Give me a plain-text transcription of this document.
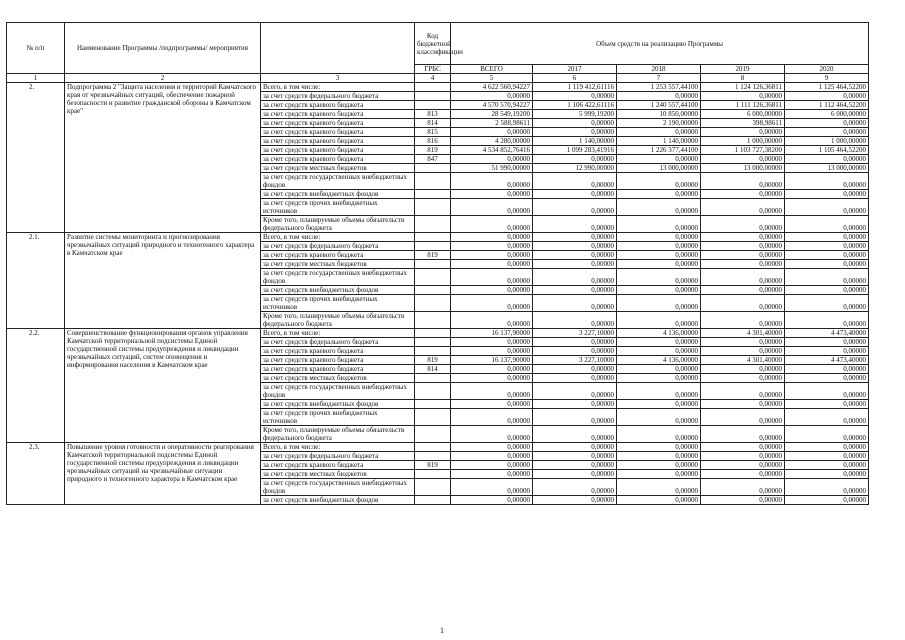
№ п/п	Наименование Программы /подпрограммы/ мероприятия		Код бюджетной классификации	Объем средств на реализацию Программы				
			ГРБС	ВСЕГО	2017	2018	2019	2020
1	2	3	4	5	6	7	8	9
2.	Подпрограмма 2 "Защита населения и территорий Камчатского края от чрезвычайных ситуаций, обеспечение пожарной безопасности и развитие гражданской обороны в Камчатском крае"	Всего, в том числе:		4 622 560,94227	1 119 412,61116	1 253 557,44100	1 124 126,36811	1 125 464,52200
		за счет средств федерального бюджета		0,00000	0,00000	0,00000	0,00000	0,00000
		за счет средств краевого бюджета		4 570 570,94227	1 106 422,61116	1 240 557,44100	1 111 126,36811	1 112 464,52200
		за счет средств краевого бюджета	813	28 549,19200	5 999,19200	10 850,00000	6 000,00000	6 000,00000
		за счет средств краевого бюджета	814	2 588,98611	0,00000	2 190,00000	398,98611	0,00000
		за счет средств краевого бюджета	815	0,00000	0,00000	0,00000	0,00000	0,00000
		за счет средств краевого бюджета	816	4 280,00000	1 140,00000	1 140,00000	1 000,00000	1 000,00000
		за счет средств краевого бюджета	819	4 534 852,76416	1 099 283,41916	1 226 377,44100	1 103 727,38200	1 105 464,52200
		за счет средств краевого бюджета	847	0,00000	0,00000	0,00000	0,00000	0,00000
		за счет средств местных бюджетов		51 990,00000	12 990,00000	13 000,00000	13 000,00000	13 000,00000
		за счет средств государственных внебюджетных фондов		0,00000	0,00000	0,00000	0,00000	0,00000
		за счет средств внебюджетных фондов		0,00000	0,00000	0,00000	0,00000	0,00000
		за счет средств прочих внебюджетных источников		0,00000	0,00000	0,00000	0,00000	0,00000
		Кроме того, планируемые объемы обязательств федерального бюджета		0,00000	0,00000	0,00000	0,00000	0,00000
2.1.	Развитие системы мониторинга и прогнозирования чрезвычайных ситуаций природного и техногенного характера в Камчатском крае	Всего, в том числе:		0,00000	0,00000	0,00000	0,00000	0,00000
		за счет средств федерального бюджета		0,00000	0,00000	0,00000	0,00000	0,00000
		за счет средств краевого бюджета	819	0,00000	0,00000	0,00000	0,00000	0,00000
		за счет средств местных бюджетов		0,00000	0,00000	0,00000	0,00000	0,00000
		за счет средств государственных внебюджетных фондов		0,00000	0,00000	0,00000	0,00000	0,00000
		за счет средств внебюджетных фондов		0,00000	0,00000	0,00000	0,00000	0,00000
		за счет средств прочих внебюджетных источников		0,00000	0,00000	0,00000	0,00000	0,00000
		Кроме того, планируемые объемы обязательств федерального бюджета		0,00000	0,00000	0,00000	0,00000	0,00000
2.2.	Совершенствование функционирования органов управления Камчатской территориальной подсистемы Единой государственной системы предупреждения и ликвидации чрезвычайных ситуаций, систем оповещения и информирования населения в Камчатском крае	Всего, в том числе:		16 137,90000	3 227,10000	4 136,00000	4 301,40000	4 473,40000
		за счет средств федерального бюджета		0,00000	0,00000	0,00000	0,00000	0,00000
		за счет средств краевого бюджета		0,00000	0,00000	0,00000	0,00000	0,00000
		за счет средств краевого бюджета	819	16 137,90000	3 227,10000	4 136,00000	4 301,40000	4 473,40000
		за счет средств краевого бюджета	814	0,00000	0,00000	0,00000	0,00000	0,00000
		за счет средств местных бюджетов		0,00000	0,00000	0,00000	0,00000	0,00000
		за счет средств государственных внебюджетных фондов		0,00000	0,00000	0,00000	0,00000	0,00000
		за счет средств внебюджетных фондов		0,00000	0,00000	0,00000	0,00000	0,00000
		за счет средств прочих внебюджетных источников		0,00000	0,00000	0,00000	0,00000	0,00000
		Кроме того, планируемые объемы обязательств федерального бюджета		0,00000	0,00000	0,00000	0,00000	0,00000
2.3.	Повышение уровня готовности и оперативности реагирования Камчатской территориальной подсистемы Единой государственной системы предупреждения и ликвидации чрезвычайных ситуаций на чрезвычайные ситуации природного и техногенного характера в Камчатском крае	Всего, в том числе:		0,00000	0,00000	0,00000	0,00000	0,00000
		за счет средств федерального бюджета		0,00000	0,00000	0,00000	0,00000	0,00000
		за счет средств краевого бюджета	819	0,00000	0,00000	0,00000	0,00000	0,00000
		за счет средств местных бюджетов		0,00000	0,00000	0,00000	0,00000	0,00000
		за счет средств государственных внебюджетных фондов		0,00000	0,00000	0,00000	0,00000	0,00000
		за счет средств внебюджетных фондов		0,00000	0,00000	0,00000	0,00000	0,00000
1
